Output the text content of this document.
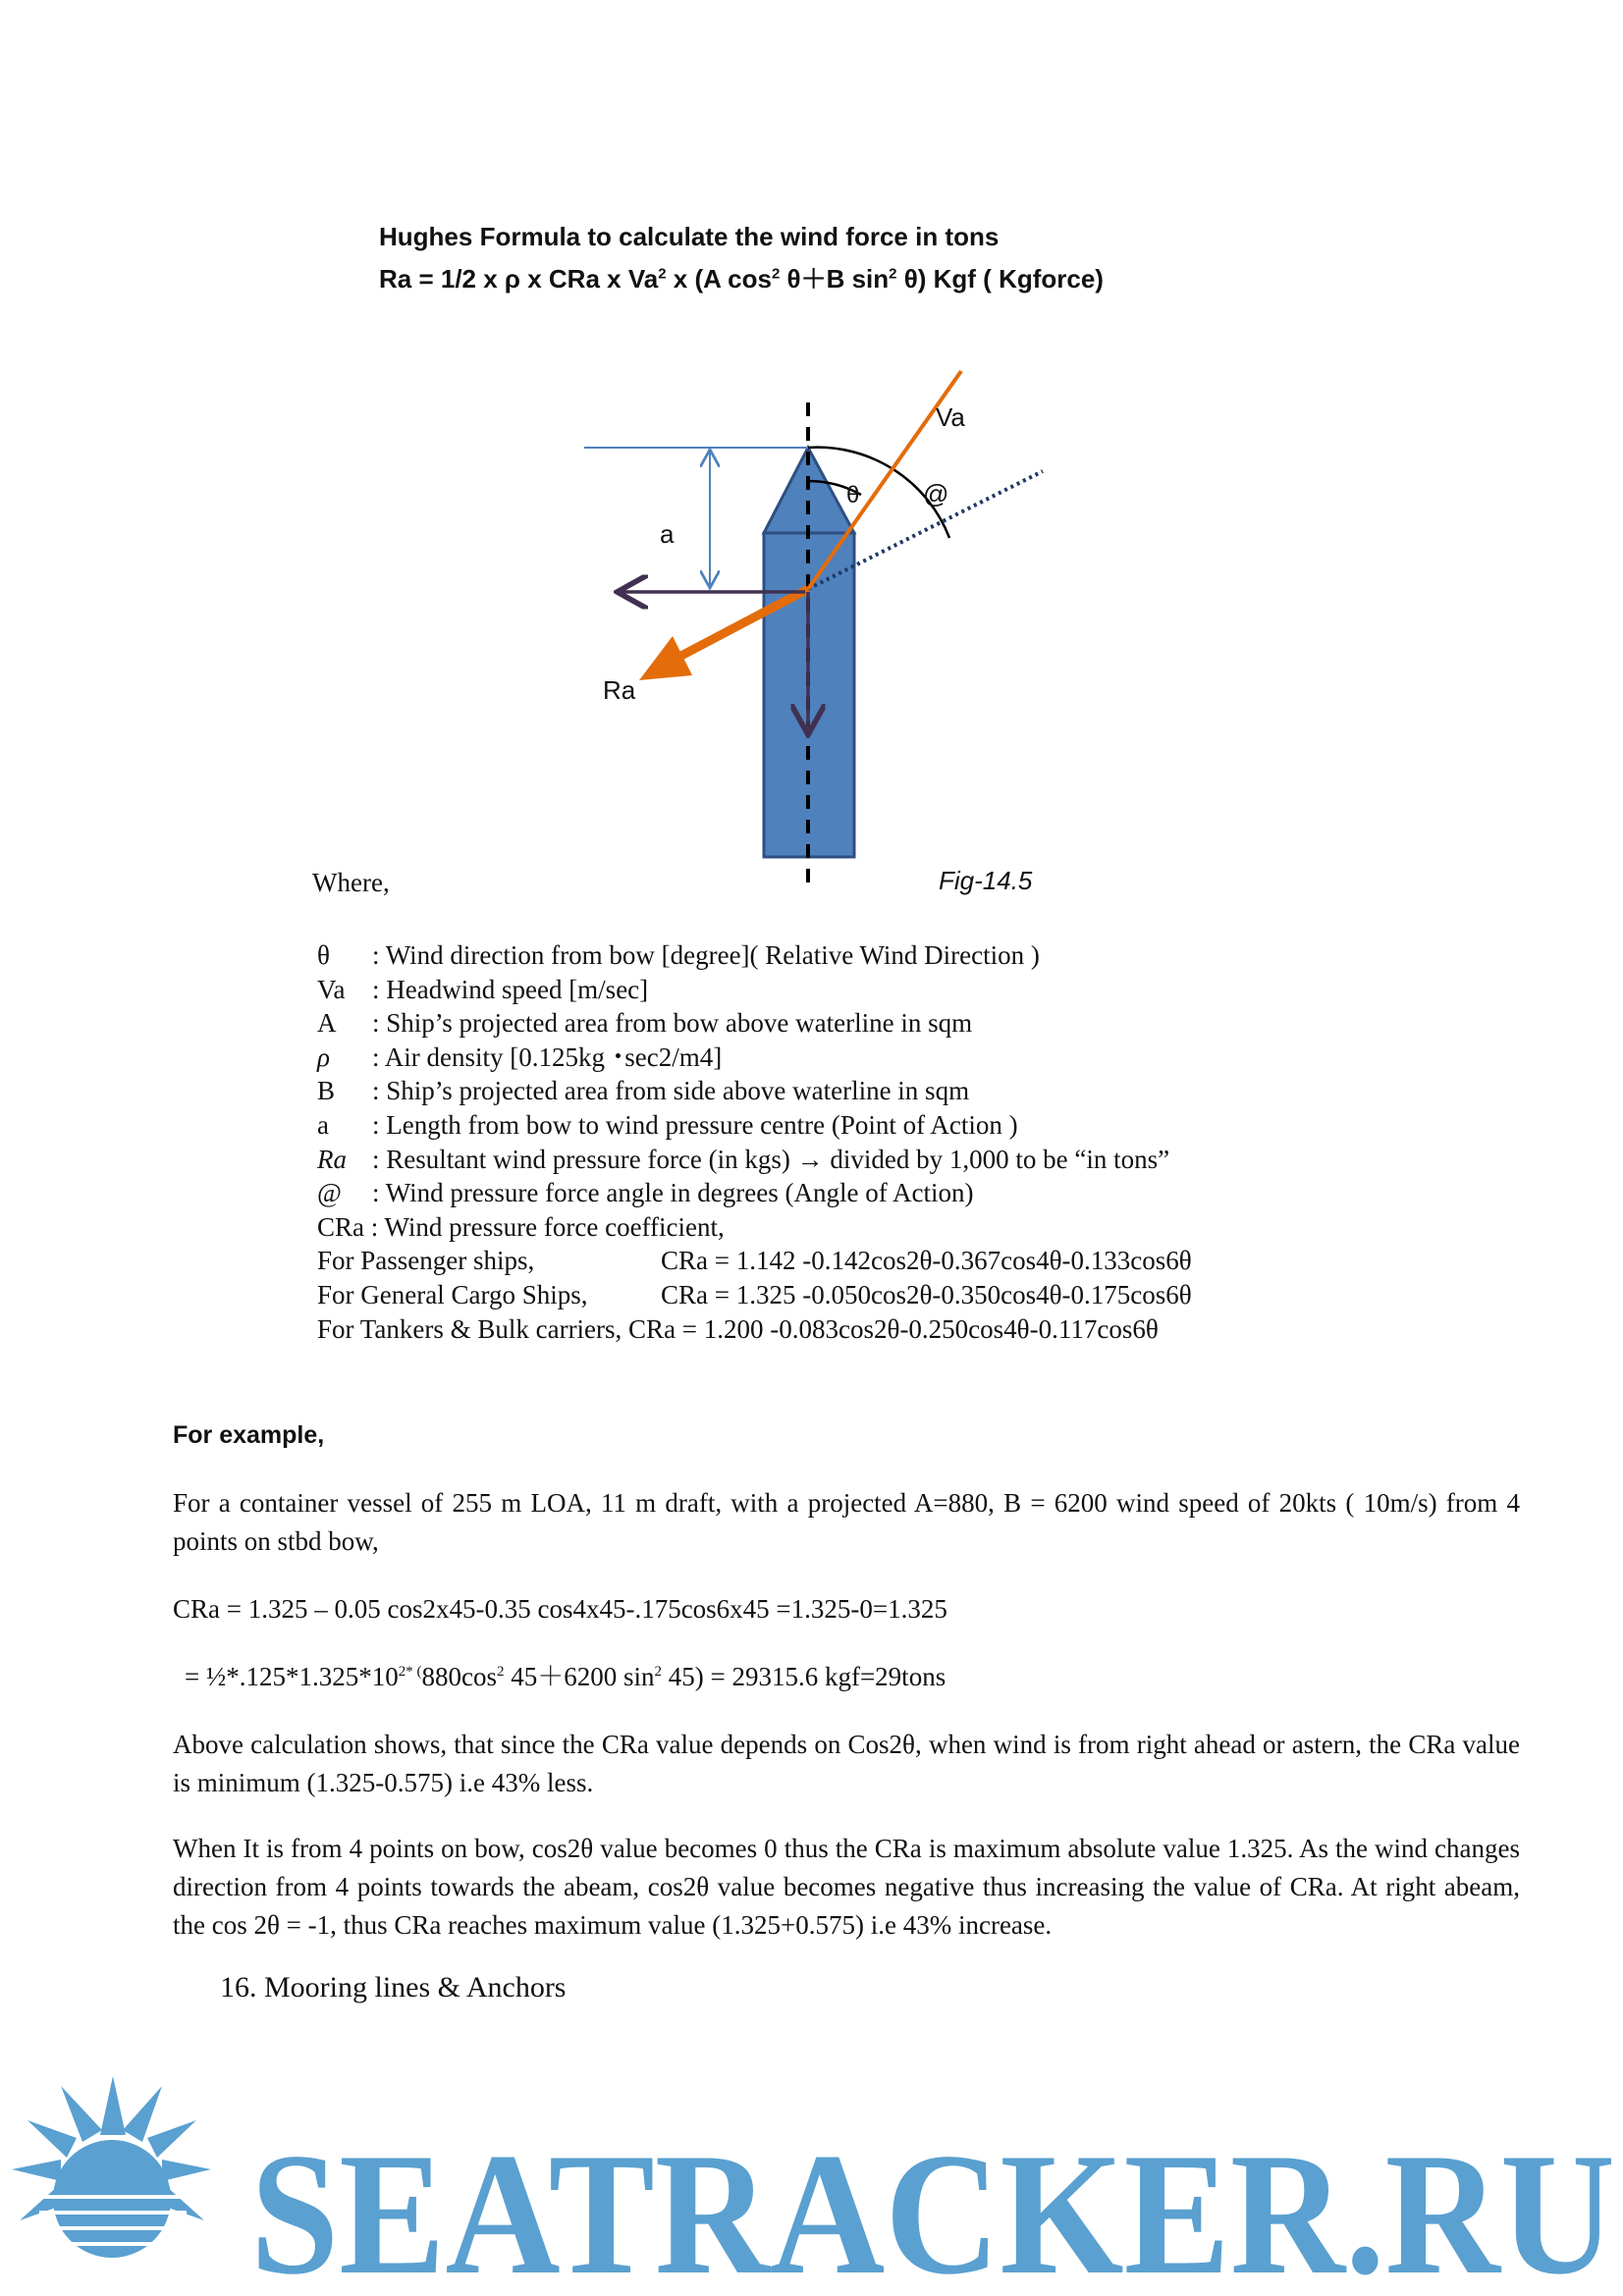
Hughes Formula to calculate the wind force in tons
Ra = 1/2 x ρ x CRa x Va$^2$ x (A $\cos^2 \theta+B$ $\sin^2 \theta$) Kgf ( Kgforce)
Va
θ @
a
Ra
Where,	Fig-14.5
θ : Wind direction from bow [degree]( Relative Wind Direction )
Va : Headwind speed [m/sec]
A : Ship’s projected area from bow above waterline in sqm
ρ : Air density [0.125kg ･sec2/m4]
B : Ship’s projected area from side above waterline in sqm
a : Length from bow to wind pressure centre (Point of Action )
Ra : Resultant wind pressure force (in kgs) → divided by 1,000 to be “in tons”
@ : Wind pressure force angle in degrees (Angle of Action)
CRa : Wind pressure force coefficient,
For Passenger ships,	CRa = 1.142 -0.142cos2θ-0.367cos4θ-0.133cos6θ
For General Cargo Ships,	CRa = 1.325 -0.050cos2θ-0.350cos4θ-0.175cos6θ
For Tankers & Bulk carriers, CRa = 1.200 -0.083cos2θ-0.250cos4θ-0.117cos6θ
For example,
For a container vessel of 255 m LOA, 11 m draft, with a projected A=880, B = 6200 wind speed of 20kts ( 10m/s) from 4 points on stbd bow,
CRa = 1.325 – 0.05 cos2x45-0.35 cos4x45-.175cos6x45 =1.325-0=1.325
= $\frac{1}{2}*.125*1.325*10^{2* (}880\cos^2$ 45＋6200 $\sin^2 45) = 29315.6$ kgf=29tons
Above calculation shows, that since the CRa value depends on Cos2θ, when wind is from right ahead or astern, the CRa value is minimum (1.325-0.575) i.e 43% less.
When It is from 4 points on bow, cos2θ value becomes 0 thus the CRa is maximum absolute value 1.325. As the wind changes direction from 4 points towards the abeam, cos2θ value becomes negative thus increasing the value of CRa. At right abeam, the cos 2θ = -1, thus CRa reaches maximum value (1.325+0.575) i.e 43% increase.
16. Mooring lines & Anchors
SEATRACKER.RU
